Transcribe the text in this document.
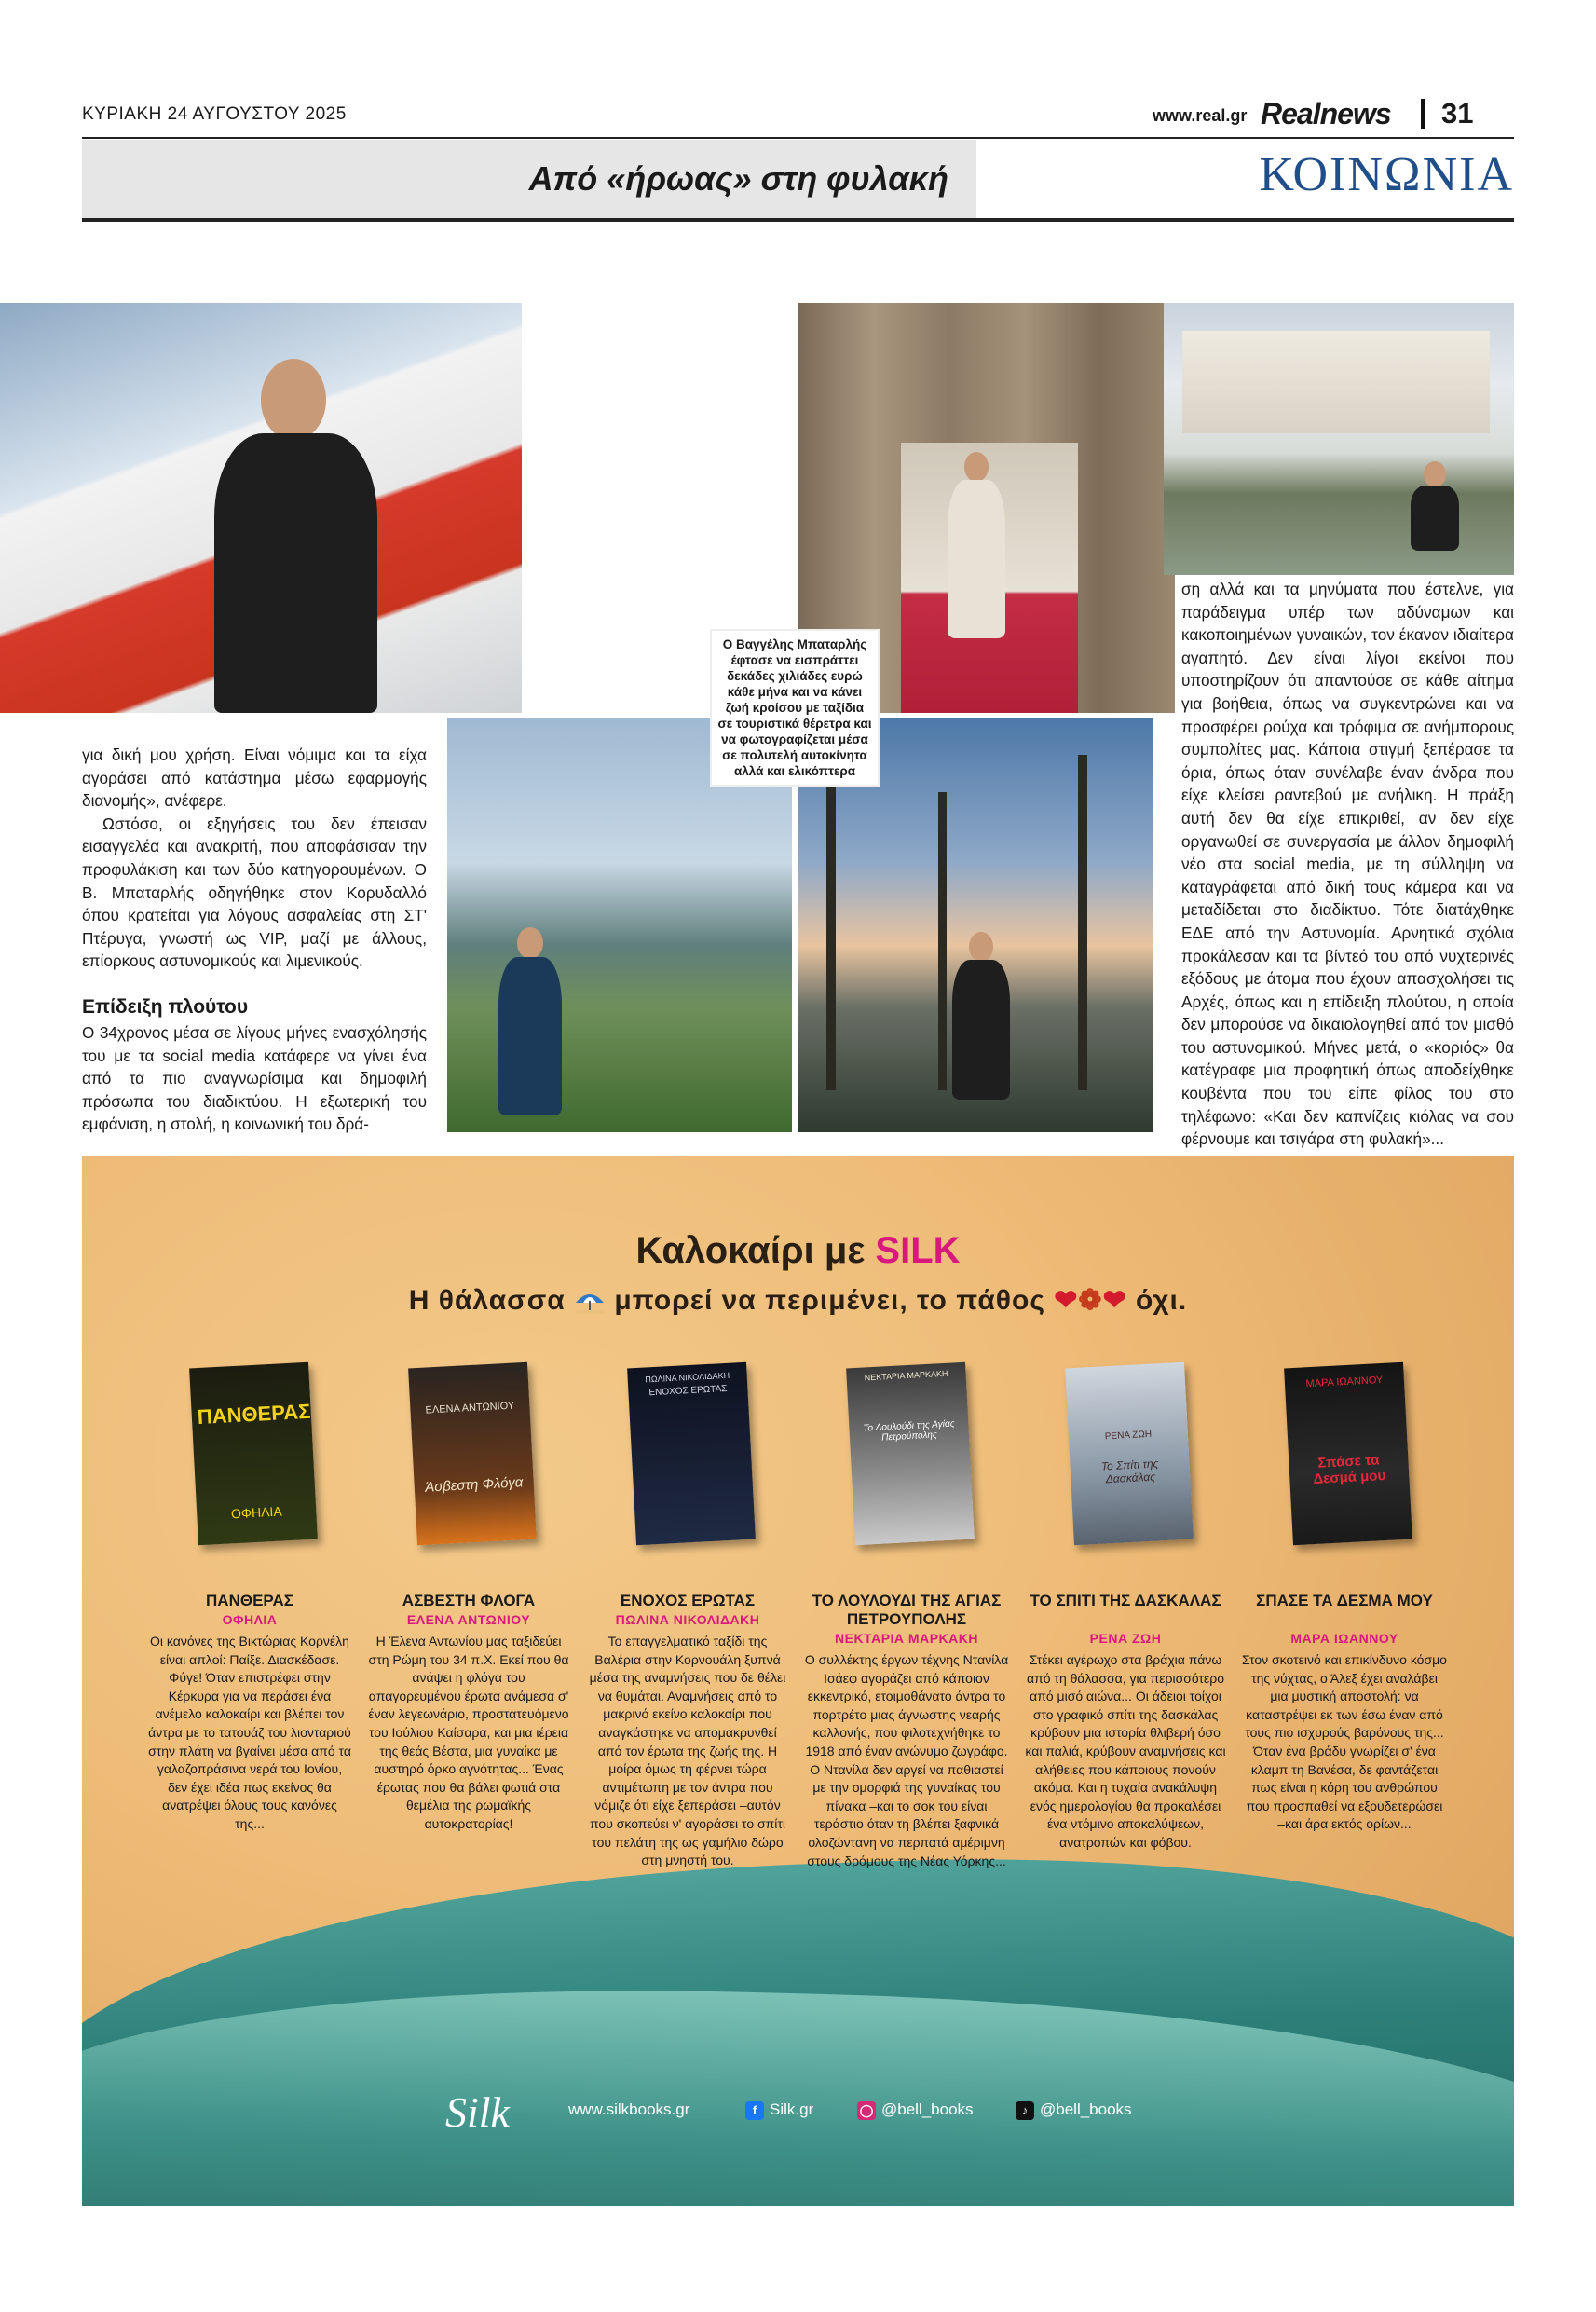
ΚΥΡΙΑΚΗ 24 ΑΥΓΟΥΣΤΟΥ 2025	www.real.gr Realnews 31
Από «ήρωας» στη φυλακή	ΚΟΙΝΩΝΙΑ
Ο Βαγγέλης Μπαταρλής έφτασε να εισπράττει δεκάδες χιλιάδες ευρώ κάθε μήνα και να κάνει ζωή κροίσου με ταξίδια σε τουριστικά θέρετρα και να φωτογραφίζεται μέσα σε πολυτελή αυτοκίνητα αλλά και ελικόπτερα

για δική μου χρήση. Είναι νόμιμα και τα είχα αγοράσει από κατάστημα μέσω εφαρμογής διανομής», ανέφερε.

Ωστόσο, οι εξηγήσεις του δεν έπεισαν εισαγγελέα και ανακριτή, που αποφάσισαν την προφυλάκιση και των δύο κατηγορουμένων. Ο Β. Μπαταρλής οδηγήθηκε στον Κορυδαλλό όπου κρατείται για λόγους ασφαλείας στη ΣΤ' Πτέρυγα, γνωστή ως VIP, μαζί με άλλους, επίορκους αστυνομικούς και λιμενικούς.

Επίδειξη πλούτου

Ο 34χρονος μέσα σε λίγους μήνες ενασχόλησής του με τα social media κατάφερε να γίνει ένα από τα πιο αναγνωρίσιμα και δημοφιλή πρόσωπα του διαδικτύου. Η εξωτερική του εμφάνιση, η στολή, η κοινωνική του δρά-

ση αλλά και τα μηνύματα που έστελνε, για παράδειγμα υπέρ των αδύναμων και κακοποιημένων γυναικών, τον έκαναν ιδιαίτερα αγαπητό. Δεν είναι λίγοι εκείνοι που υποστηρίζουν ότι απαντούσε σε κάθε αίτημα για βοήθεια, όπως να συγκεντρώνει και να προσφέρει ρούχα και τρόφιμα σε ανήμπορους συμπολίτες μας. Κάποια στιγμή ξεπέρασε τα όρια, όπως όταν συνέλαβε έναν άνδρα που είχε κλείσει ραντεβού με ανήλικη. Η πράξη αυτή δεν θα είχε επικριθεί, αν δεν είχε οργανωθεί σε συνεργασία με άλλον δημοφιλή νέο στα social media, με τη σύλληψη να καταγράφεται από δική τους κάμερα και να μεταδίδεται στο διαδίκτυο. Τότε διατάχθηκε ΕΔΕ από την Αστυνομία. Αρνητικά σχόλια προκάλεσαν και τα βίντεό του από νυχτερινές εξόδους με άτομα που έχουν απασχολήσει τις Αρχές, όπως και η επίδειξη πλούτου, η οποία δεν μπορούσε να δικαιολογηθεί από τον μισθό του αστυνομικού. Μήνες μετά, ο «κοριός» θα κατέγραφε μια προφητική όπως αποδείχθηκε κουβέντα που του είπε φίλος του στο τηλέφωνο: «Και δεν καπνίζεις κιόλας να σου φέρνουμε και τσιγάρα στη φυλακή»...

Καλοκαίρι με SILK
Η θάλασσα μπορεί να περιμένει, το πάθος ❤❁❤ όχι.
ΠΑΝΘΕΡΑΣ
ΟΦΗΛΙΑ
ΕΛΕΝΑ ΑΝΤΩΝΙΟΥ
Άσβεστη Φλόγα
ΠΩΛΙΝΑ ΝΙΚΟΛΙΔΑΚΗ
ΕΝΟΧΟΣ ΕΡΩΤΑΣ
ΝΕΚΤΑΡΙΑ ΜΑΡΚΑΚΗ
Το Λουλούδι της Αγίας Πετρούπολης	ΡΕΝΑ ΖΩΗ
Το Σπίτι της Δασκάλας
ΜΑΡΑ ΙΩΑΝΝΟΥ
Σπάσε τα Δεσμά μου
ΠΑΝΘΕΡΑΣ
ΟΦΗΛΙΑ
Οι κανόνες της Βικτώριας Κορνέλη είναι απλοί: Παίξε. Διασκέδασε. Φύγε! Όταν επιστρέφει στην Κέρκυρα για να περάσει ένα ανέμελο καλοκαίρι και βλέπει τον άντρα με το τατουάζ του λιονταριού στην πλάτη να βγαίνει μέσα από τα γαλαζοπράσινα νερά του Ιονίου, δεν έχει ιδέα πως εκείνος θα ανατρέψει όλους τους κανόνες της...
ΑΣΒΕΣΤΗ ΦΛΟΓΑ
ΕΛΕΝΑ ΑΝΤΩΝΙΟΥ
Η Έλενα Αντωνίου μας ταξιδεύει στη Ρώμη του 34 π.Χ. Εκεί που θα ανάψει η φλόγα του απαγορευμένου έρωτα ανάμεσα σ' έναν λεγεωνάριο, προστατευόμενο του Ιούλιου Καίσαρα, και μια ιέρεια της θεάς Βέστα, μια γυναίκα με αυστηρό όρκο αγνότητας... Ένας έρωτας που θα βάλει φωτιά στα θεμέλια της ρωμαϊκής αυτοκρατορίας!
ΕΝΟΧΟΣ ΕΡΩΤΑΣ
ΠΩΛΙΝΑ ΝΙΚΟΛΙΔΑΚΗ
Το επαγγελματικό ταξίδι της Βαλέρια στην Κορνουάλη ξυπνά μέσα της αναμνήσεις που δε θέλει να θυμάται. Αναμνήσεις από το μακρινό εκείνο καλοκαίρι που αναγκάστηκε να απομακρυνθεί από τον έρωτα της ζωής της. Η μοίρα όμως τη φέρνει τώρα αντιμέτωπη με τον άντρα που νόμιζε ότι είχε ξεπεράσει –αυτόν που σκοπεύει ν' αγοράσει το σπίτι του πελάτη της ως γαμήλιο δώρο στη μνηστή του.
ΤΟ ΛΟΥΛΟΥΔΙ ΤΗΣ ΑΓΙΑΣ ΠΕΤΡΟΥΠΟΛΗΣ
ΝΕΚΤΑΡΙΑ ΜΑΡΚΑΚΗ
Ο συλλέκτης έργων τέχνης Ντανίλα Ισάεφ αγοράζει από κάποιον εκκεντρικό, ετοιμοθάνατο άντρα το πορτρέτο μιας άγνωστης νεαρής καλλονής, που φιλοτεχνήθηκε το 1918 από έναν ανώνυμο ζωγράφο. Ο Ντανίλα δεν αργεί να παθιαστεί με την ομορφιά της γυναίκας του πίνακα –και το σοκ του είναι τεράστιο όταν τη βλέπει ξαφνικά ολοζώντανη να περπατά αμέριμνη στους δρόμους της Νέας Υόρκης...
ΤΟ ΣΠΙΤΙ ΤΗΣ ΔΑΣΚΑΛΑΣ
ΡΕΝΑ ΖΩΗ
Στέκει αγέρωχο στα βράχια πάνω από τη θάλασσα, για περισσότερο από μισό αιώνα... Οι άδειοι τοίχοι στο γραφικό σπίτι της δασκάλας κρύβουν μια ιστορία θλιβερή όσο και παλιά, κρύβουν αναμνήσεις και αλήθειες που κάποιους πονούν ακόμα. Και η τυχαία ανακάλυψη ενός ημερολογίου θα προκαλέσει ένα ντόμινο αποκαλύψεων, ανατροπών και φόβου.
ΣΠΑΣΕ ΤΑ ΔΕΣΜΑ ΜΟΥ
ΜΑΡΑ ΙΩΑΝΝΟΥ
Στον σκοτεινό και επικίνδυνο κόσμο της νύχτας, ο Άλεξ έχει αναλάβει μια μυστική αποστολή: να καταστρέψει εκ των έσω έναν από τους πιο ισχυρούς βαρόνους της... Όταν ένα βράδυ γνωρίζει σ' ένα κλαμπ τη Βανέσα, δε φαντάζεται πως είναι η κόρη του ανθρώπου που προσπαθεί να εξουδετερώσει –και άρα εκτός ορίων...
Silk	www.silkbooks.gr	f Silk.gr	◯ @bell_books	♪ @bell_books
